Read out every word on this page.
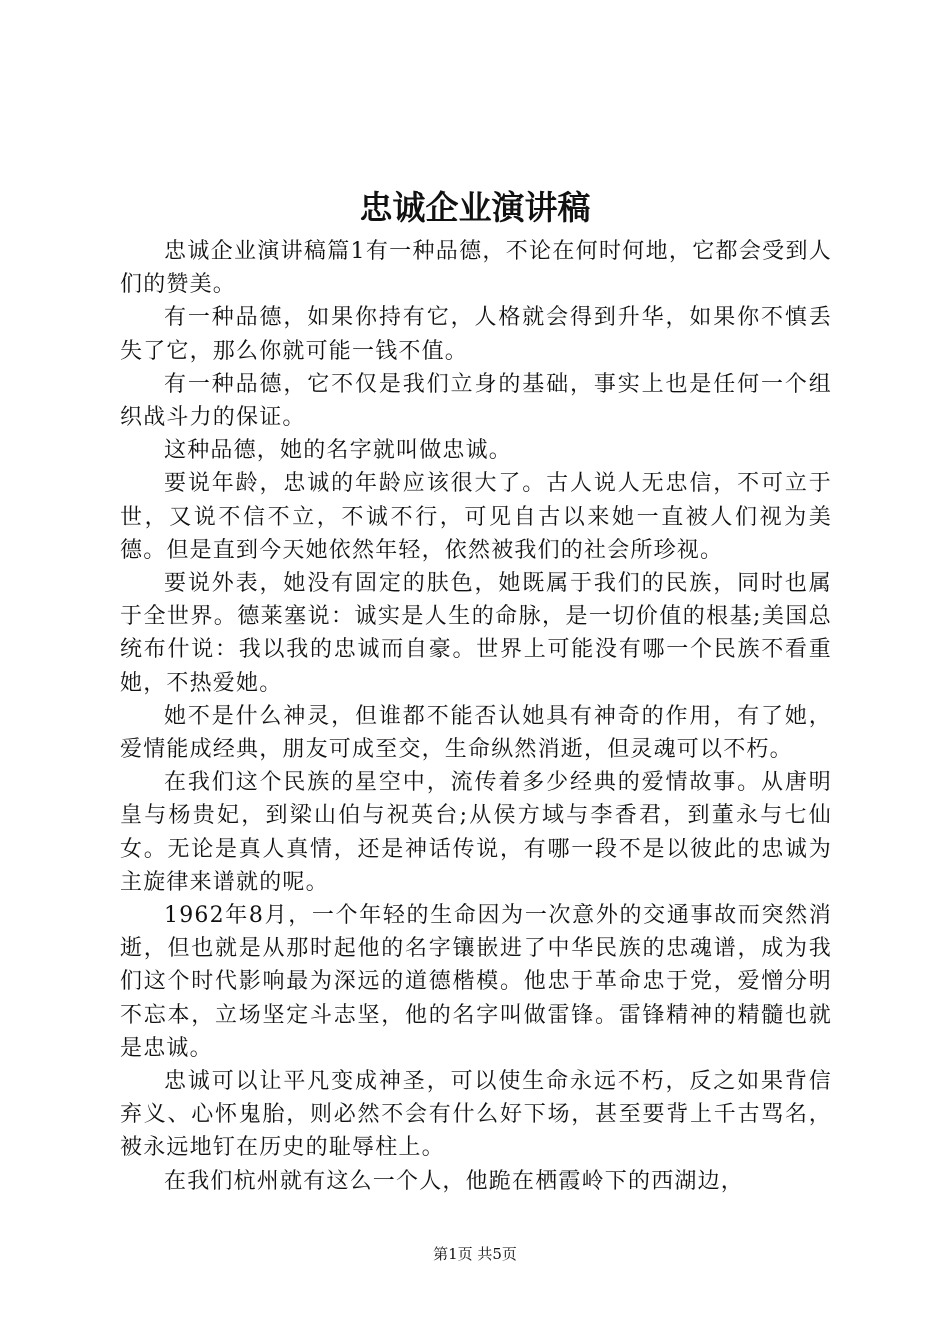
忠诚企业演讲稿

忠诚企业演讲稿篇1有一种品德，不论在何时何地，它都会受到人们的赞美。

有一种品德，如果你持有它，人格就会得到升华，如果你不慎丢失了它，那么你就可能一钱不值。

有一种品德，它不仅是我们立身的基础，事实上也是任何一个组织战斗力的保证。

这种品德，她的名字就叫做忠诚。

要说年龄，忠诚的年龄应该很大了。古人说人无忠信，不可立于世，又说不信不立，不诚不行，可见自古以来她一直被人们视为美德。但是直到今天她依然年轻，依然被我们的社会所珍视。

要说外表，她没有固定的肤色，她既属于我们的民族，同时也属于全世界。德莱塞说：诚实是人生的命脉，是一切价值的根基;美国总统布什说：我以我的忠诚而自豪。世界上可能没有哪一个民族不看重她，不热爱她。

她不是什么神灵，但谁都不能否认她具有神奇的作用，有了她，爱情能成经典，朋友可成至交，生命纵然消逝，但灵魂可以不朽。

在我们这个民族的星空中，流传着多少经典的爱情故事。从唐明皇与杨贵妃，到梁山伯与祝英台;从侯方域与李香君，到董永与七仙女。无论是真人真情，还是神话传说，有哪一段不是以彼此的忠诚为主旋律来谱就的呢。

1962年8月，一个年轻的生命因为一次意外的交通事故而突然消逝，但也就是从那时起他的名字镶嵌进了中华民族的忠魂谱，成为我们这个时代影响最为深远的道德楷模。他忠于革命忠于党，爱憎分明不忘本，立场坚定斗志坚，他的名字叫做雷锋。雷锋精神的精髓也就是忠诚。

忠诚可以让平凡变成神圣，可以使生命永远不朽，反之如果背信弃义、心怀鬼胎，则必然不会有什么好下场，甚至要背上千古骂名，被永远地钉在历史的耻辱柱上。

在我们杭州就有这么一个人，他跪在栖霞岭下的西湖边，

第1页 共5页
